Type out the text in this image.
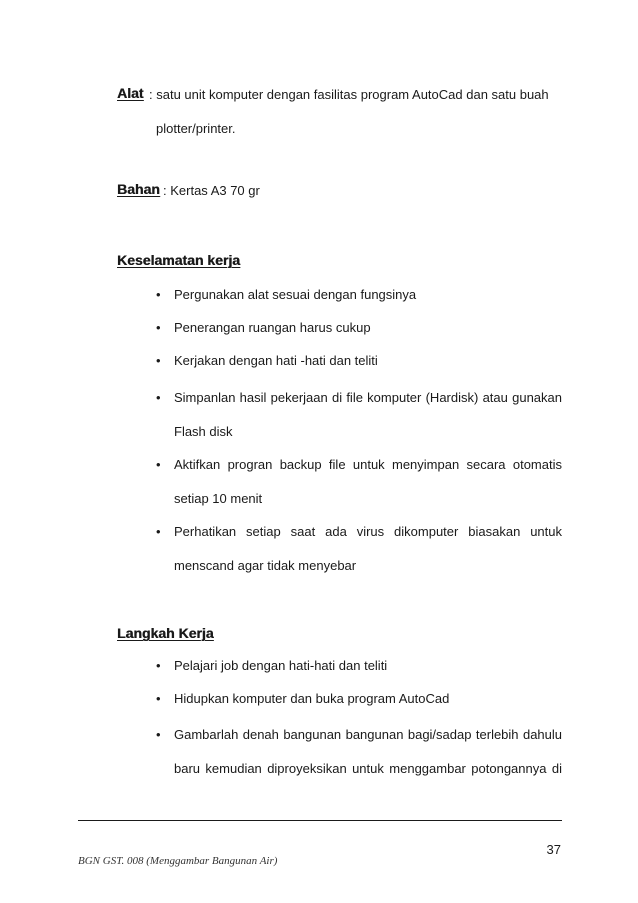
Alat : satu unit komputer dengan fasilitas program AutoCad dan satu buah
plotter/printer.
Bahan : Kertas A3 70 gr
Keselamatan kerja
• Pergunakan alat sesuai dengan fungsinya
• Penerangan ruangan harus cukup
• Kerjakan dengan hati -hati dan teliti
• Simpanlan hasil pekerjaan di file komputer (Hardisk) atau gunakan
Flash disk
• Aktifkan progran backup file untuk menyimpan secara otomatis
setiap 10 menit
• Perhatikan setiap saat ada virus dikomputer biasakan untuk
menscand agar tidak menyebar
Langkah Kerja
• Pelajari job dengan hati-hati dan teliti
• Hidupkan komputer dan buka program AutoCad
• Gambarlah denah bangunan bangunan bagi/sadap terlebih dahulu
baru kemudian diproyeksikan untuk menggambar potongannya di
37
BGN GST. 008 (Menggambar Bangunan Air)
